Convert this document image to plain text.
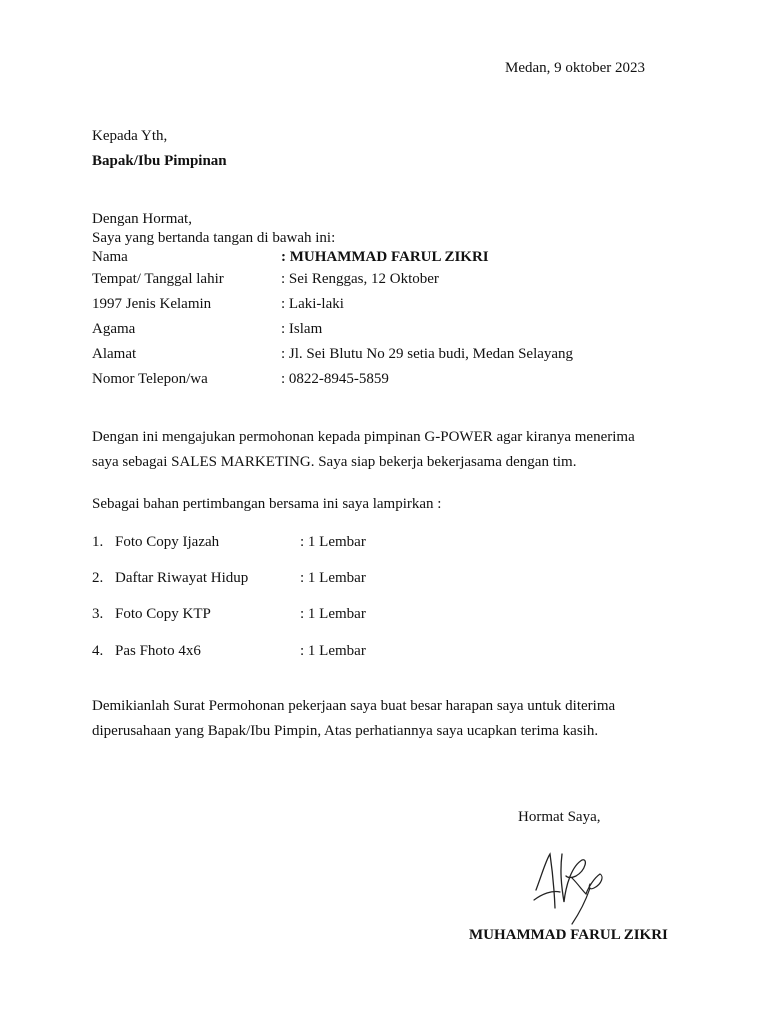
Medan, 9 oktober 2023
Kepada Yth,
Bapak/Ibu Pimpinan
Dengan Hormat,
Saya yang bertanda tangan di bawah ini:
Nama	: MUHAMMAD FARUL ZIKRI
Tempat/ Tanggal lahir	: Sei Renggas, 12 Oktober
1997 Jenis Kelamin	: Laki-laki
Agama	: Islam
Alamat	: Jl. Sei Blutu No 29 setia budi, Medan Selayang
Nomor Telepon/wa	: 0822-8945-5859
Dengan ini mengajukan permohonan kepada pimpinan G-POWER agar kiranya menerima
saya sebagai SALES MARKETING. Saya siap bekerja bekerjasama dengan tim.
Sebagai bahan pertimbangan bersama ini saya lampirkan :
1. Foto Copy Ijazah	: 1 Lembar
2. Daftar Riwayat Hidup	: 1 Lembar
3. Foto Copy KTP	: 1 Lembar
4. Pas Fhoto 4x6	: 1 Lembar
Demikianlah Surat Permohonan pekerjaan saya buat besar harapan saya untuk diterima
diperusahaan yang Bapak/Ibu Pimpin, Atas perhatiannya saya ucapkan terima kasih.
Hormat Saya,
MUHAMMAD FARUL ZIKRI
